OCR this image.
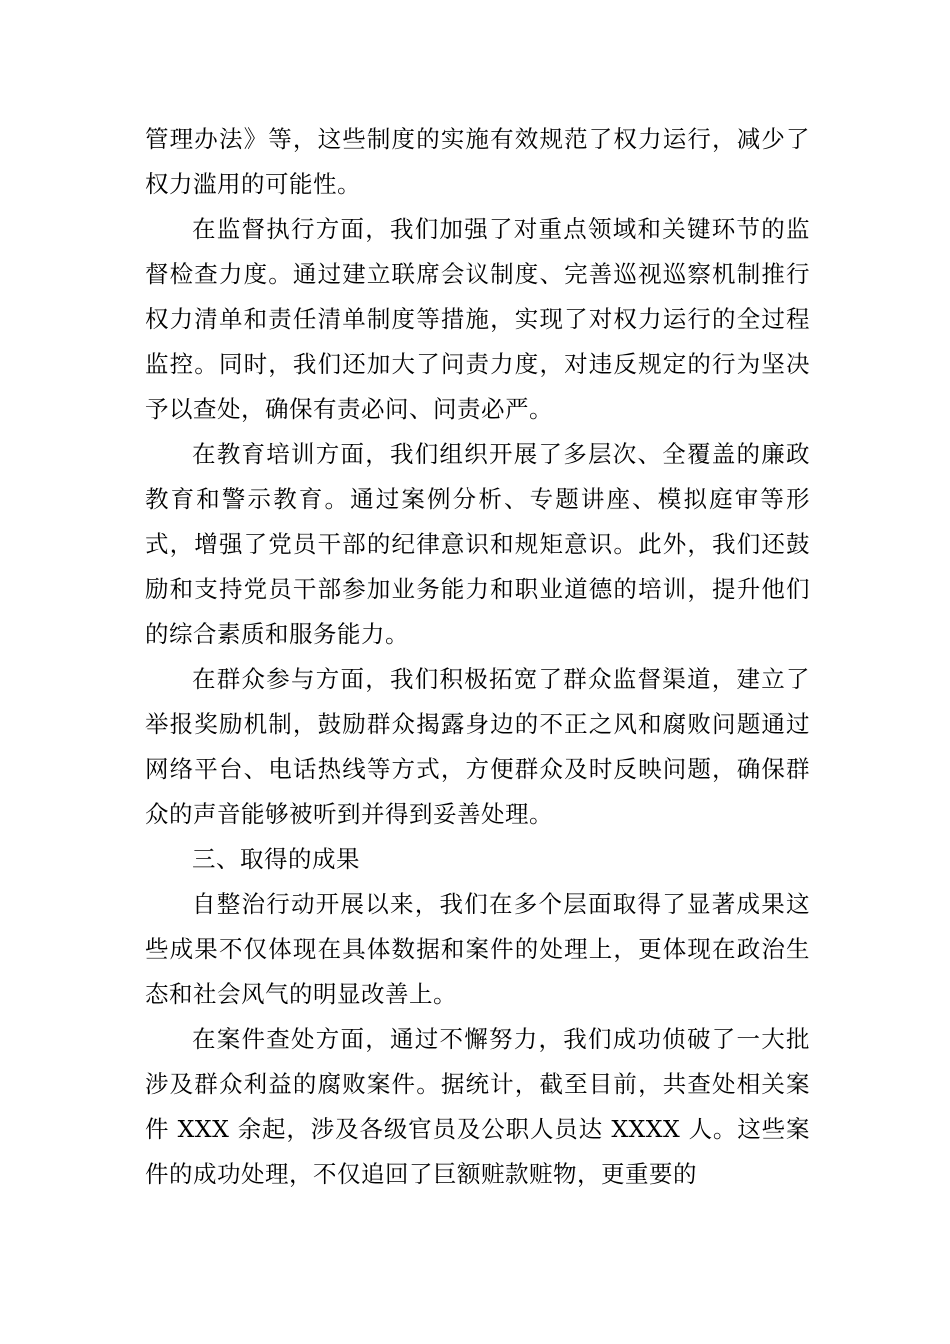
管理办法》等，这些制度的实施有效规范了权力运行，减少了权力滥用的可能性。

在监督执行方面，我们加强了对重点领域和关键环节的监督检查力度。通过建立联席会议制度、完善巡视巡察机制推行权力清单和责任清单制度等措施，实现了对权力运行的全过程监控。同时，我们还加大了问责力度，对违反规定的行为坚决予以查处，确保有责必问、问责必严。

在教育培训方面，我们组织开展了多层次、全覆盖的廉政教育和警示教育。通过案例分析、专题讲座、模拟庭审等形式，增强了党员干部的纪律意识和规矩意识。此外，我们还鼓励和支持党员干部参加业务能力和职业道德的培训，提升他们的综合素质和服务能力。

在群众参与方面，我们积极拓宽了群众监督渠道，建立了举报奖励机制，鼓励群众揭露身边的不正之风和腐败问题通过网络平台、电话热线等方式，方便群众及时反映问题，确保群众的声音能够被听到并得到妥善处理。

三、取得的成果

自整治行动开展以来，我们在多个层面取得了显著成果这些成果不仅体现在具体数据和案件的处理上，更体现在政治生态和社会风气的明显改善上。

在案件查处方面，通过不懈努力，我们成功侦破了一大批涉及群众利益的腐败案件。据统计，截至目前，共查处相关案件 XXX 余起，涉及各级官员及公职人员达 XXXX 人。这些案件的成功处理，不仅追回了巨额赃款赃物，更重要的
